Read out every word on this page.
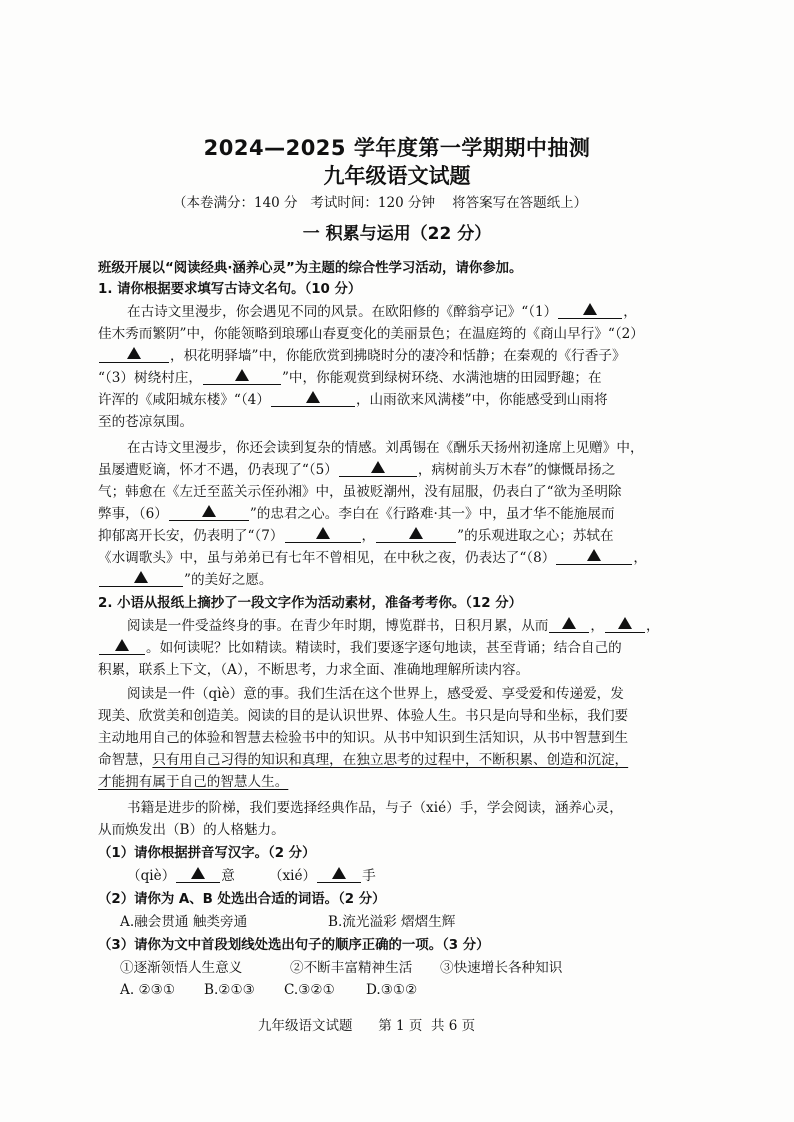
2024—2025 学年度第一学期期中抽测
九年级语文试题
（本卷满分：140 分   考试时间：120 分钟    将答案写在答题纸上）
一 积累与运用（22 分）
班级开展以“阅读经典·涵养心灵”为主题的综合性学习活动，请你参加。
1. 请你根据要求填写古诗文名句。（10 分）
在古诗文里漫步，你会遇见不同的风景。在欧阳修的《醉翁亭记》“（1）	，
佳木秀而繁阴”中，你能领略到琅琊山春夏变化的美丽景色；在温庭筠的《商山早行》“（2）
，枳花明驿墙”中，你能欣赏到拂晓时分的凄冷和恬静；在秦观的《行香子》
“（3）树绕村庄，	”中，你能观赏到绿树环绕、水满池塘的田园野趣；在
许浑的《咸阳城东楼》“（4）	，山雨欲来风满楼”中，你能感受到山雨将
至的苍凉氛围。
在古诗文里漫步，你还会读到复杂的情感。刘禹锡在《酬乐天扬州初逢席上见赠》中，
虽屡遭贬谪，怀才不遇，仍表现了“（5）	，病树前头万木春”的慷慨昂扬之
气；韩愈在《左迁至蓝关示侄孙湘》中，虽被贬潮州，没有屈服，仍表白了“欲为圣明除
弊事，（6）	”的忠君之心。李白在《行路难·其一》中，虽才华不能施展而
抑郁离开长安，仍表明了“（7）	，	”的乐观进取之心；苏轼在
《水调歌头》中，虽与弟弟已有七年不曾相见，在中秋之夜，仍表达了“（8）	，
”的美好之愿。
2. 小语从报纸上摘抄了一段文字作为活动素材，准备考考你。（12 分）
阅读是一件受益终身的事。在青少年时期，博览群书，日积月累，从而	，	，
。如何读呢？比如精读。精读时，我们要逐字逐句地读，甚至背诵；结合自己的
积累，联系上下文，（A），不断思考，力求全面、准确地理解所读内容。
阅读是一件（qìè）意的事。我们生活在这个世界上，感受爱、享受爱和传递爱，发
现美、欣赏美和创造美。阅读的目的是认识世界、体验人生。书只是向导和坐标，我们要
主动地用自己的体验和智慧去检验书中的知识。从书中知识到生活知识，从书中智慧到生
命智慧，只有用自己习得的知识和真理，在独立思考的过程中，不断积累、创造和沉淀，
才能拥有属于自己的智慧人生。
书籍是进步的阶梯，我们要选择经典作品，与子（xié）手，学会阅读，涵养心灵，
从而焕发出（B）的人格魅力。
（1）请你根据拼音写汉字。（2 分）
（qiè）	意	（xié）	手
（2）请你为 A、B 处选出合适的词语。（2 分）
A.融会贯通 触类旁通	B.流光溢彩 熠熠生辉
（3）请你为文中首段划线处选出句子的顺序正确的一项。（3 分）
①逐渐领悟人生意义	②不断丰富精神生活 ③快速增长各种知识
A. ②③① B.②①③ C.③②① D.③①②
九年级语文试题      第 1 页  共 6 页
